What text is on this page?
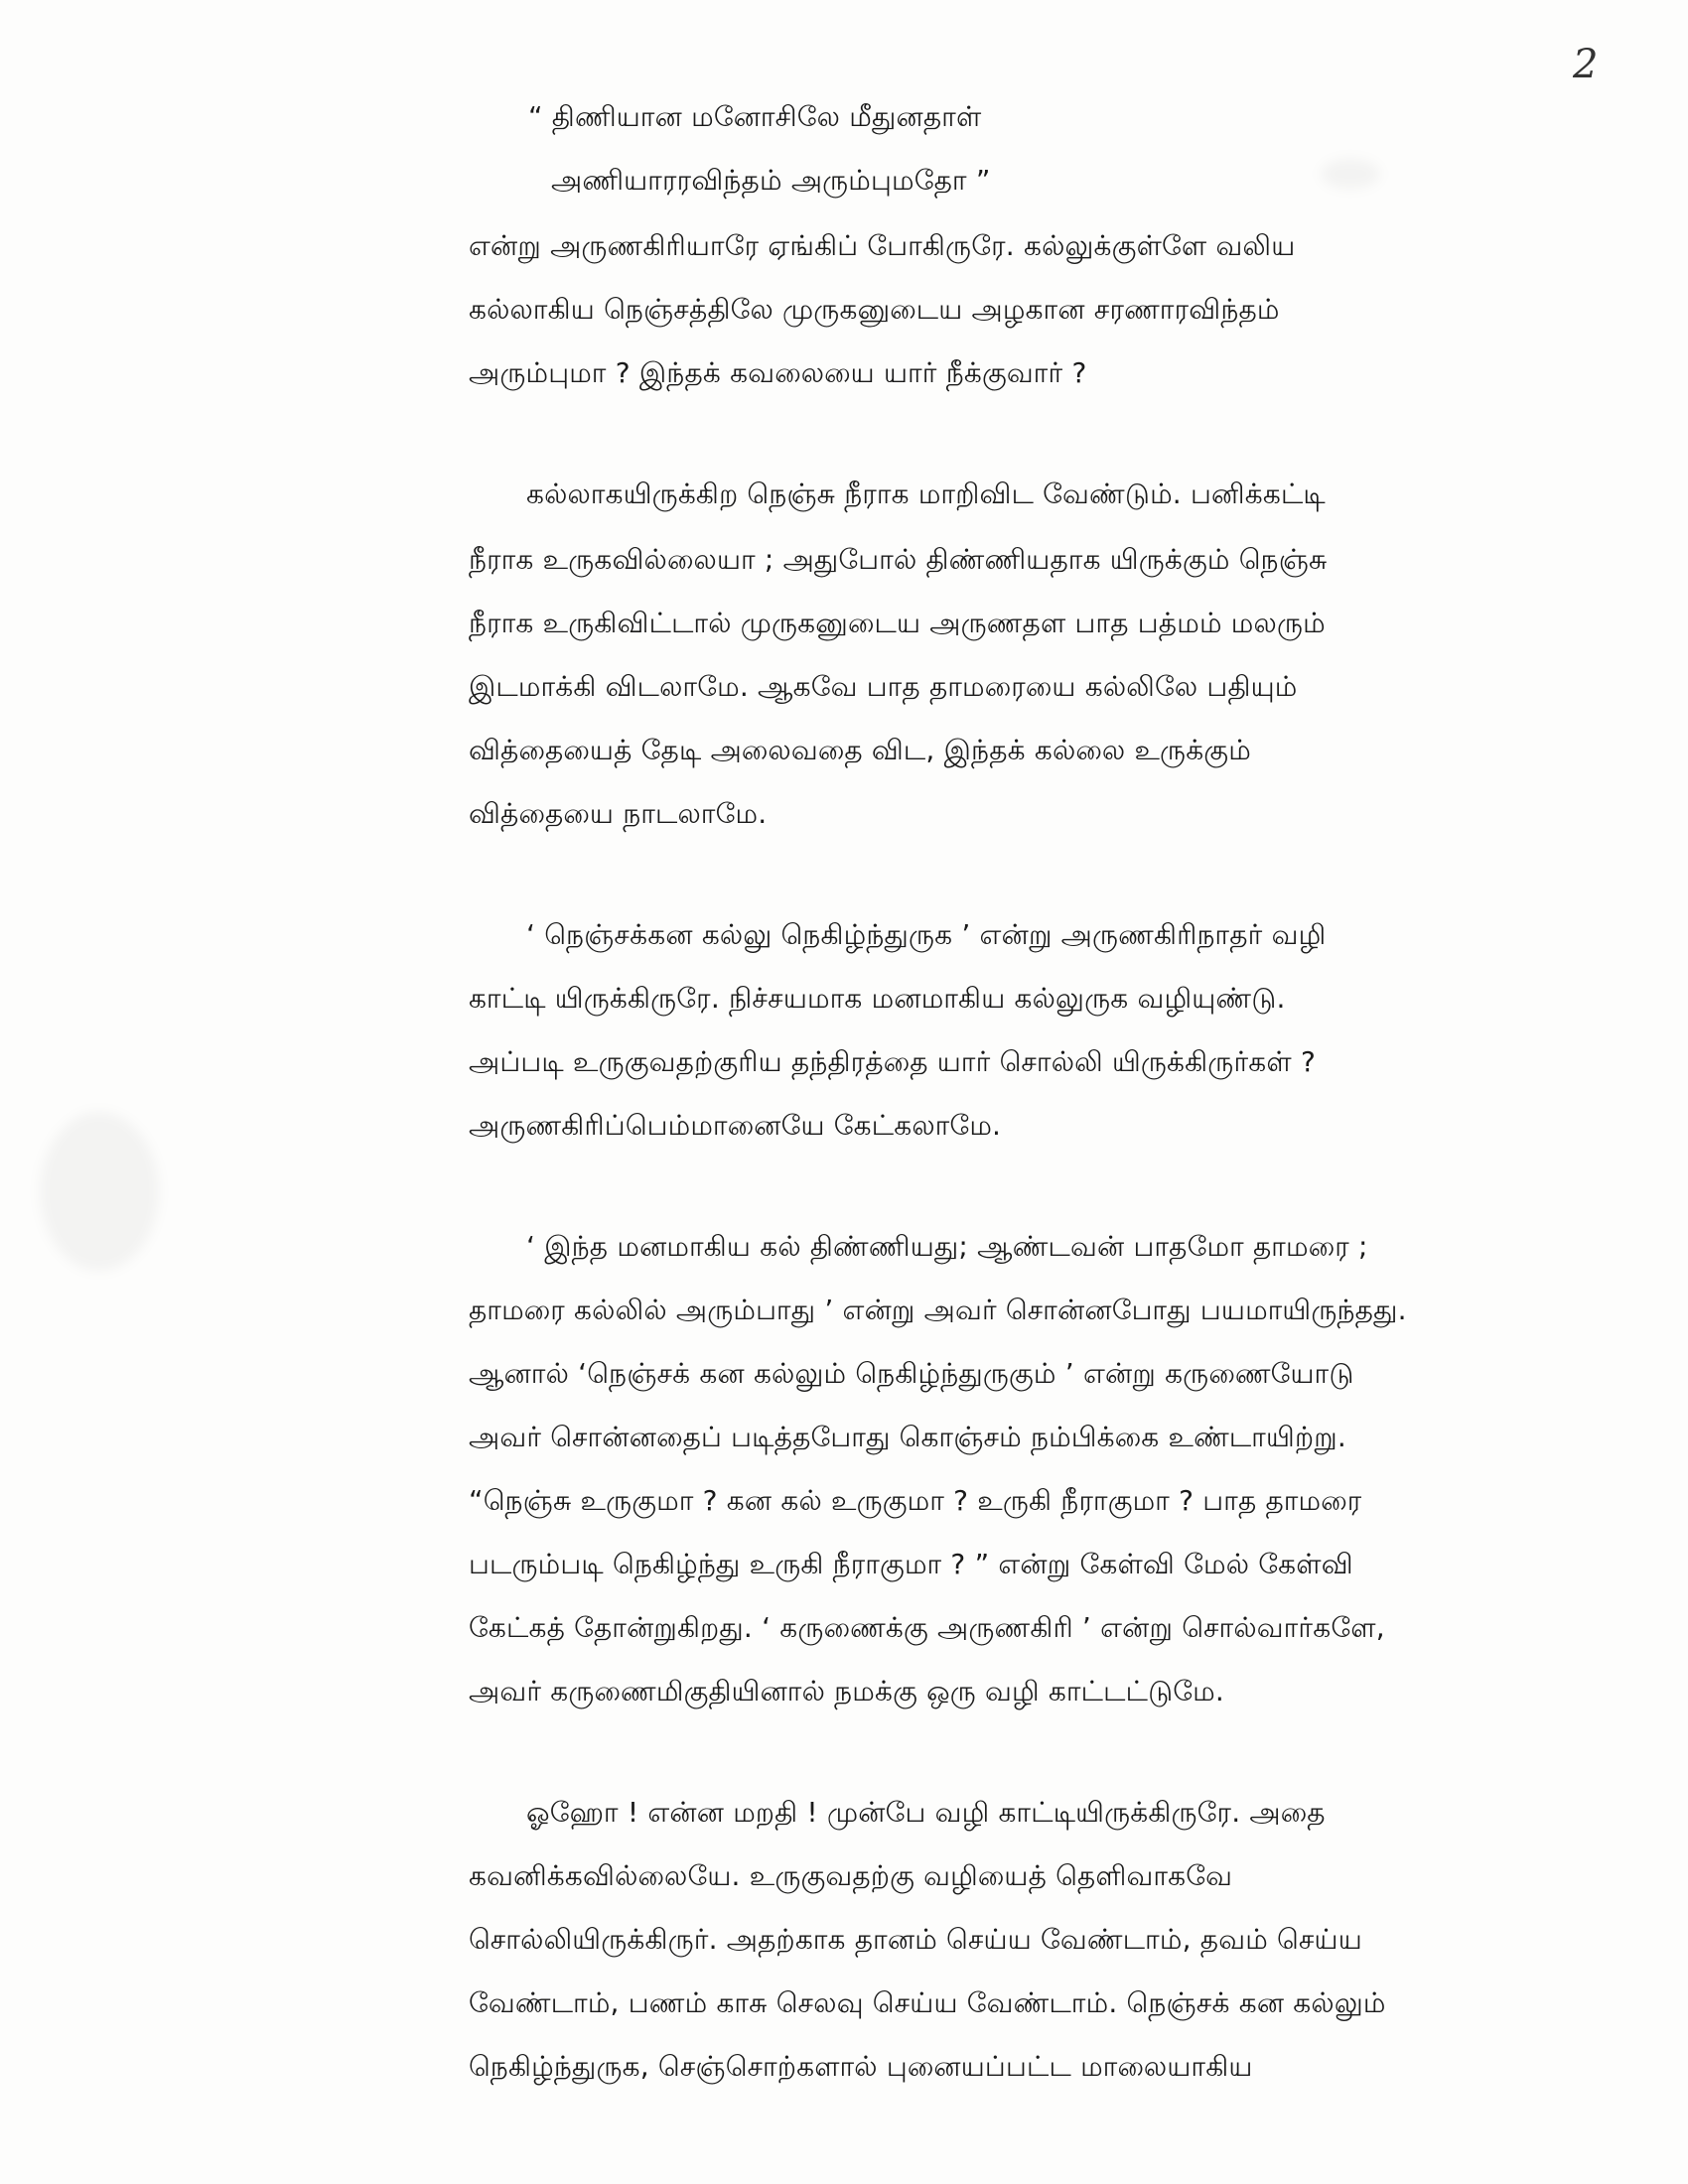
2
“ திணியான மனோசிலே மீதுனதாள்
அணியாரரவிந்தம் அரும்புமதோ ”
என்று அருணகிரியாரே ஏங்கிப் போகிருரே. கல்லுக்குள்ளே வலிய
கல்லாகிய நெஞ்சத்திலே முருகனுடைய அழகான சரணாரவிந்தம்
அரும்புமா ? இந்தக் கவலையை யார் நீக்குவார் ?
கல்லாகயிருக்கிற நெஞ்சு நீராக மாறிவிட வேண்டும். பனிக்கட்டி
நீராக உருகவில்லையா ; அதுபோல் திண்ணியதாக யிருக்கும் நெஞ்சு
நீராக உருகிவிட்டால் முருகனுடைய அருணதள பாத பத்மம் மலரும்
இடமாக்கி விடலாமே. ஆகவே பாத தாமரையை கல்லிலே பதியும்
வித்தையைத் தேடி அலைவதை விட, இந்தக் கல்லை உருக்கும்
வித்தையை நாடலாமே.
‘ நெஞ்சக்கன கல்லு நெகிழ்ந்துருக ’ என்று அருணகிரிநாதர் வழி
காட்டி யிருக்கிருரே. நிச்சயமாக மனமாகிய கல்லுருக வழியுண்டு.
அப்படி உருகுவதற்குரிய தந்திரத்தை யார் சொல்லி யிருக்கிருர்கள் ?
அருணகிரிப்பெம்மானையே கேட்கலாமே.
‘ இந்த மனமாகிய கல் திண்ணியது; ஆண்டவன் பாதமோ தாமரை ;
தாமரை கல்லில் அரும்பாது ’ என்று அவர் சொன்னபோது பயமாயிருந்தது.
ஆனால் ‘நெஞ்சக் கன கல்லும் நெகிழ்ந்துருகும் ’ என்று கருணையோடு
அவர் சொன்னதைப் படித்தபோது கொஞ்சம் நம்பிக்கை உண்டாயிற்று.
“நெஞ்சு உருகுமா ? கன கல் உருகுமா ? உருகி நீராகுமா ? பாத தாமரை
படரும்படி நெகிழ்ந்து உருகி நீராகுமா ? ” என்று கேள்வி மேல் கேள்வி
கேட்கத் தோன்றுகிறது. ‘ கருணைக்கு அருணகிரி ’ என்று சொல்வார்களே,
அவர் கருணைமிகுதியினால் நமக்கு ஒரு வழி காட்டட்டுமே.
ஓஹோ ! என்ன மறதி ! முன்பே வழி காட்டியிருக்கிருரே. அதை
கவனிக்கவில்லையே. உருகுவதற்கு வழியைத் தெளிவாகவே
சொல்லியிருக்கிருர். அதற்காக தானம் செய்ய வேண்டாம், தவம் செய்ய
வேண்டாம், பணம் காசு செலவு செய்ய வேண்டாம். நெஞ்சக் கன கல்லும்
நெகிழ்ந்துருக, செஞ்சொற்களால் புனையப்பட்ட மாலையாகிய
